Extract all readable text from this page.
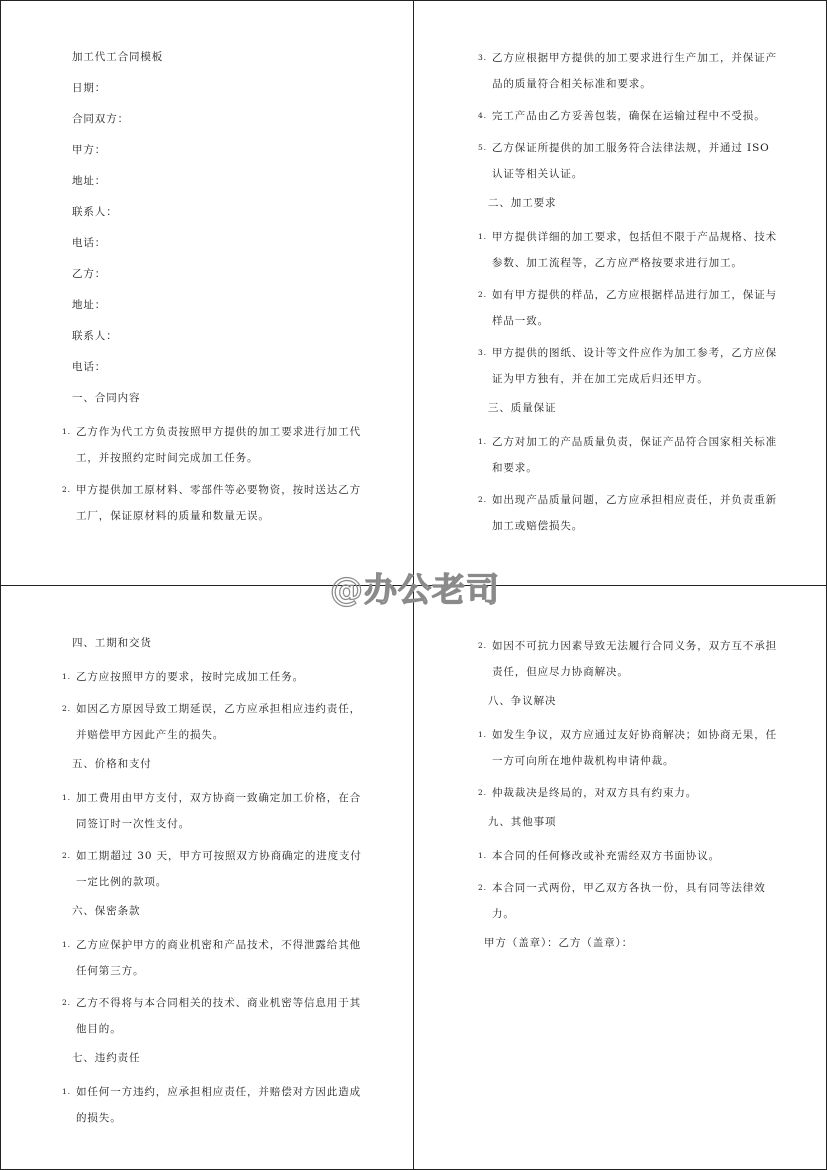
加工代工合同模板
日期：
合同双方：
甲方：
地址：
联系人：
电话：
乙方：
地址：
联系人：
电话：
一、合同内容
1. 乙方作为代工方负责按照甲方提供的加工要求进行加工代工，并按照约定时间完成加工任务。
2. 甲方提供加工原材料、零部件等必要物资，按时送达乙方工厂，保证原材料的质量和数量无误。
3. 乙方应根据甲方提供的加工要求进行生产加工，并保证产品的质量符合相关标准和要求。
4. 完工产品由乙方妥善包装，确保在运输过程中不受损。
5. 乙方保证所提供的加工服务符合法律法规，并通过 ISO 认证等相关认证。
二、加工要求
1. 甲方提供详细的加工要求，包括但不限于产品规格、技术参数、加工流程等，乙方应严格按要求进行加工。
2. 如有甲方提供的样品，乙方应根据样品进行加工，保证与样品一致。
3. 甲方提供的图纸、设计等文件应作为加工参考，乙方应保证为甲方独有，并在加工完成后归还甲方。
三、质量保证
1. 乙方对加工的产品质量负责，保证产品符合国家相关标准和要求。
2. 如出现产品质量问题，乙方应承担相应责任，并负责重新加工或赔偿损失。
四、工期和交货
1. 乙方应按照甲方的要求，按时完成加工任务。
2. 如因乙方原因导致工期延误，乙方应承担相应违约责任，并赔偿甲方因此产生的损失。
五、价格和支付
1. 加工费用由甲方支付，双方协商一致确定加工价格，在合同签订时一次性支付。
2. 如工期超过 30 天，甲方可按照双方协商确定的进度支付一定比例的款项。
六、保密条款
1. 乙方应保护甲方的商业机密和产品技术，不得泄露给其他任何第三方。
2. 乙方不得将与本合同相关的技术、商业机密等信息用于其他目的。
七、违约责任
1. 如任何一方违约，应承担相应责任，并赔偿对方因此造成的损失。
2. 如因不可抗力因素导致无法履行合同义务，双方互不承担责任，但应尽力协商解决。
八、争议解决
1. 如发生争议，双方应通过友好协商解决；如协商无果，任一方可向所在地仲裁机构申请仲裁。
2. 仲裁裁决是终局的，对双方具有约束力。
九、其他事项
1. 本合同的任何修改或补充需经双方书面协议。
2. 本合同一式两份，甲乙双方各执一份，具有同等法律效力。
甲方（盖章）：乙方（盖章）：
@办公老司
